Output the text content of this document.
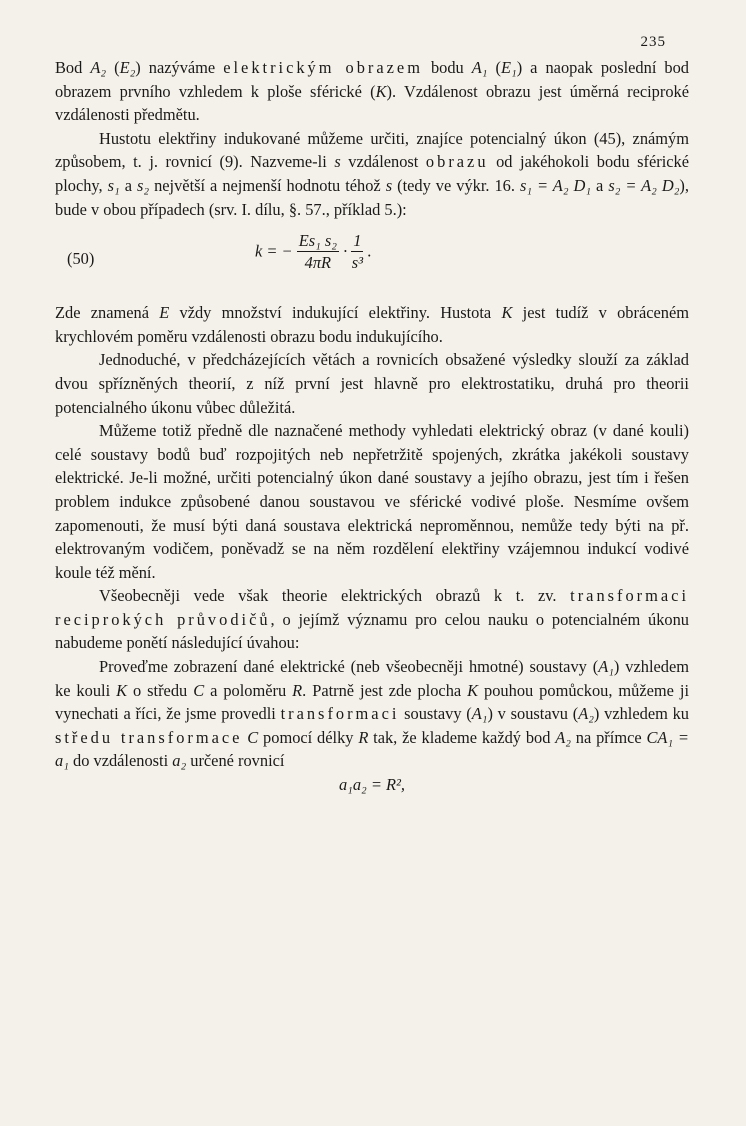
235

Bod A₂ (E₂) nazýváme elektrickým obrazem bodu A₁ (E₁) a naopak poslední bod obrazem prvního vzhledem k ploše sférické (K). Vzdálenost obrazu jest úměrná reciproké vzdálenosti předmětu.

Hustotu elektřiny indukované můžeme určiti, znajíce potencialný úkon (45), známým způsobem, t. j. rovnicí (9). Nazveme-li s vzdálenost obrazu od jakéhokoli bodu sférické plochy, s₁ a s₂ největší a nejmenší hodnotu téhož s (tedy ve výkr. 16. s₁ = A₂ D₁ a s₂ = A₂ D₂), bude v obou případech (srv. I. dílu, §. 57., příklad 5.):

(50)	k = − $\frac{\text{Es₁ s₂}}{4\pi R} \cdot \frac{1}{\text{s³}}$ .

Zde znamená E vždy množství indukující elektřiny. Hustota K jest tudíž v obráceném krychlovém poměru vzdálenosti obrazu bodu indukujícího.

Jednoduché, v předcházejících větách a rovnicích obsažené výsledky slouží za základ dvou spřízněných theorií, z níž první jest hlavně pro elektrostatiku, druhá pro theorii potencialného úkonu vůbec důležitá.

Můžeme totiž předně dle naznačené methody vyhledati elektrický obraz (v dané kouli) celé soustavy bodů buď rozpojitých neb nepřetržitě spojených, zkrátka jakékoli soustavy elektrické. Je-li možné, určiti potencialný úkon dané soustavy a jejího obrazu, jest tím i řešen problem indukce způsobené danou soustavou ve sférické vodivé ploše. Nesmíme ovšem zapomenouti, že musí býti daná soustava elektrická neproměnnou, nemůže tedy býti na př. elektrovaným vodičem, poněvadž se na něm rozdělení elektřiny vzájemnou indukcí vodivé koule též mění.

Všeobecněji vede však theorie elektrických obrazů k t. zv. transformaci reciprokých průvodičů, o jejímž významu pro celou nauku o potencialném úkonu nabudeme ponětí následující úvahou:

Proveďme zobrazení dané elektrické (neb všeobecněji hmotné) soustavy (A₁) vzhledem ke kouli K o středu C a poloměru R. Patrně jest zde plocha K pouhou pomůckou, můžeme ji vynechati a říci, že jsme provedli transformaci soustavy (A₁) v soustavu (A₂) vzhledem ku středu transformace C pomocí délky R tak, že klademe každý bod A₂ na přímce CA₁ = a₁ do vzdálenosti a₂ určené rovnicí

a₁a₂ = R²,
